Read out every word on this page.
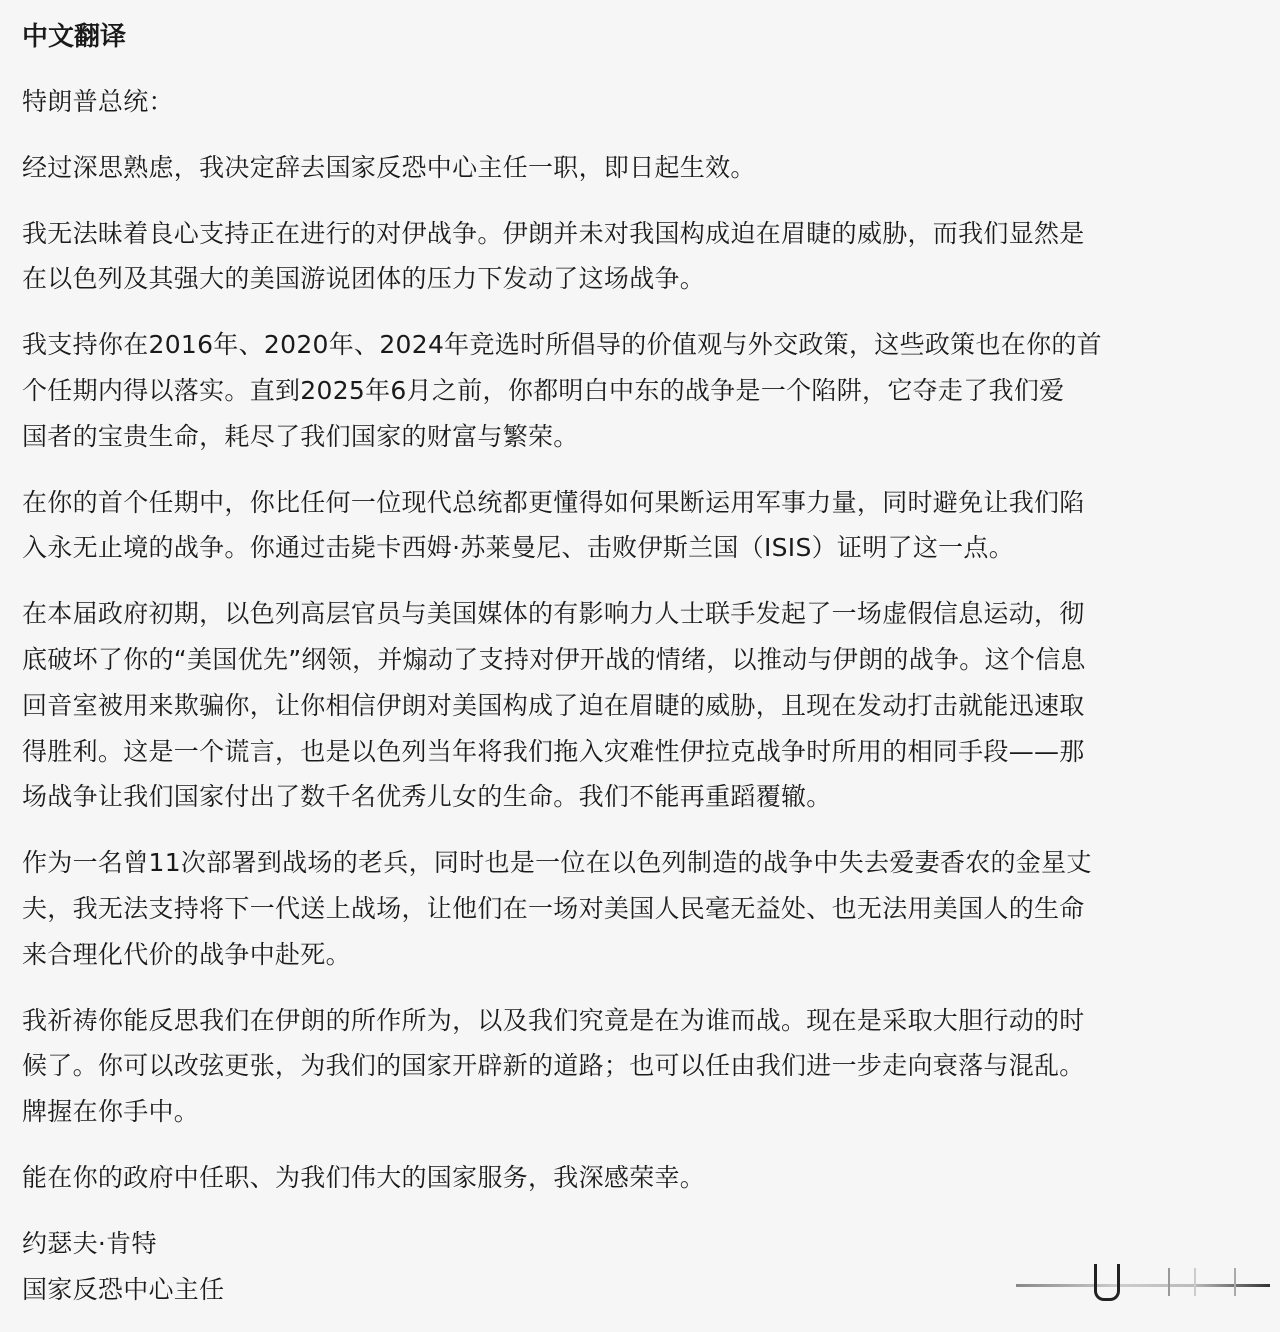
中文翻译
特朗普总统：
经过深思熟虑，我决定辞去国家反恐中心主任一职，即日起生效。
我无法昧着良心支持正在进行的对伊战争。伊朗并未对我国构成迫在眉睫的威胁，而我们显然是
在以色列及其强大的美国游说团体的压力下发动了这场战争。
我支持你在2016年、2020年、2024年竞选时所倡导的价值观与外交政策，这些政策也在你的首
个任期内得以落实。直到2025年6月之前，你都明白中东的战争是一个陷阱，它夺走了我们爱
国者的宝贵生命，耗尽了我们国家的财富与繁荣。
在你的首个任期中，你比任何一位现代总统都更懂得如何果断运用军事力量，同时避免让我们陷
入永无止境的战争。你通过击毙卡西姆·苏莱曼尼、击败伊斯兰国（ISIS）证明了这一点。
在本届政府初期，以色列高层官员与美国媒体的有影响力人士联手发起了一场虚假信息运动，彻
底破坏了你的“美国优先”纲领，并煽动了支持对伊开战的情绪，以推动与伊朗的战争。这个信息
回音室被用来欺骗你，让你相信伊朗对美国构成了迫在眉睫的威胁，且现在发动打击就能迅速取
得胜利。这是一个谎言，也是以色列当年将我们拖入灾难性伊拉克战争时所用的相同手段——那
场战争让我们国家付出了数千名优秀儿女的生命。我们不能再重蹈覆辙。
作为一名曾11次部署到战场的老兵，同时也是一位在以色列制造的战争中失去爱妻香农的金星丈
夫，我无法支持将下一代送上战场，让他们在一场对美国人民毫无益处、也无法用美国人的生命
来合理化代价的战争中赴死。
我祈祷你能反思我们在伊朗的所作所为，以及我们究竟是在为谁而战。现在是采取大胆行动的时
候了。你可以改弦更张，为我们的国家开辟新的道路；也可以任由我们进一步走向衰落与混乱。
牌握在你手中。
能在你的政府中任职、为我们伟大的国家服务，我深感荣幸。
约瑟夫·肯特
国家反恐中心主任
